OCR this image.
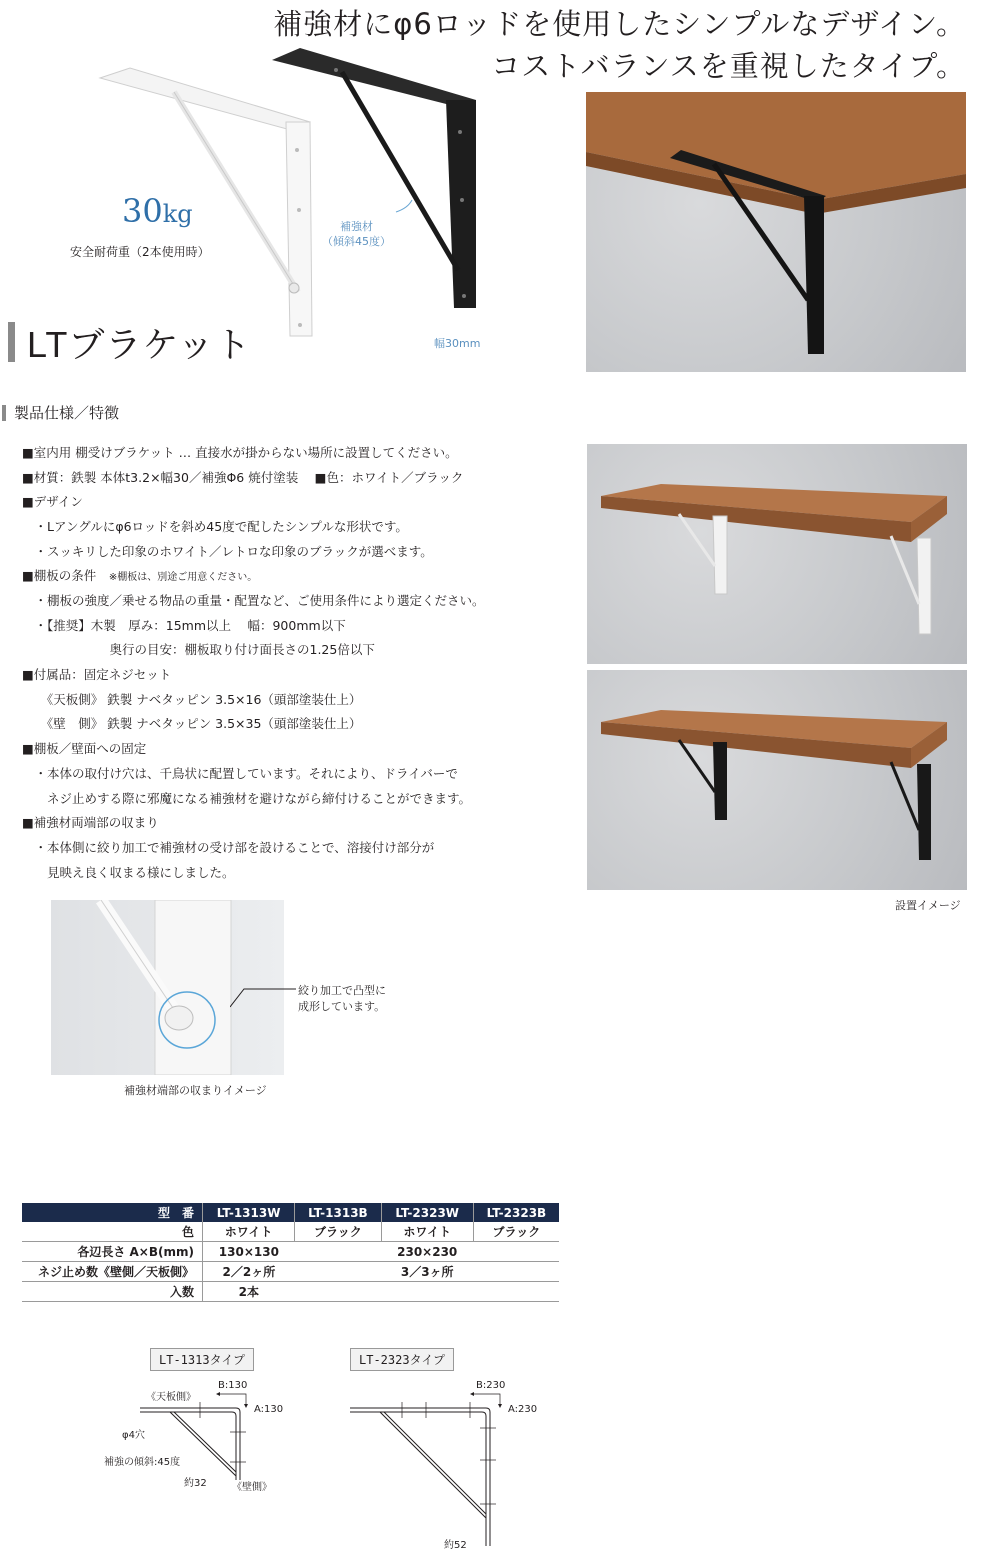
補強材にφ6ロッドを使用したシンプルなデザイン。
コストバランスを重視したタイプ。
30kg
安全耐荷重（2本使用時）
補強材
（傾斜45度）
幅30mm
LTブラケット
製品仕様／特徴
■室内用 棚受けブラケット … 直接水が掛からない場所に設置してください。
■材質：鉄製 本体t3.2×幅30／補強Φ6 焼付塗装　 ■色：ホワイト／ブラック
■デザイン
　・Lアングルにφ6ロッドを斜め45度で配したシンプルな形状です。
　・スッキリした印象のホワイト／レトロな印象のブラックが選べます。
■棚板の条件　 ※棚板は、別途ご用意ください。
　・棚板の強度／乗せる物品の重量・配置など、ご使用条件により選定ください。
　・【推奨】木製　厚み：15mm以上　 幅：900mm以下
　　　　　　　奥行の目安：棚板取り付け面長さの1.25倍以下
■付属品：固定ネジセット
　　《天板側》 鉄製 ナベタッピン 3.5×16（頭部塗装仕上）
　　《壁　側》 鉄製 ナベタッピン 3.5×35（頭部塗装仕上）
■棚板／壁面への固定
　・本体の取付け穴は、千鳥状に配置しています。それにより、ドライバーで
　　ネジ止めする際に邪魔になる補強材を避けながら締付けることができます。
■補強材両端部の収まり
　・本体側に絞り加工で補強材の受け部を設けることで、溶接付け部分が
　　見映え良く収まる様にしました。
設置イメージ
絞り加工で凸型に
成形しています。
補強材端部の収まりイメージ
型　番	LT-1313W	LT-1313B	LT-2323W	LT-2323B
色	ホワイト	ブラック	ホワイト	ブラック
各辺長さ A×B(mm)	130×130		230×230	
ネジ止め数《壁側／天板側》	2／2ヶ所		3／3ヶ所	
入数	2本			
LT-1313タイプ	LT-2323タイプ
《天板側》
B:130
A:130
φ4穴
補強の傾斜:45度
約32	《壁側》
B:230
A:230
約52
